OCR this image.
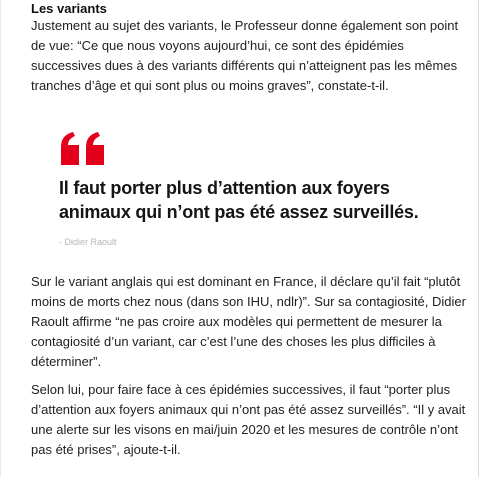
Les variants

Justement au sujet des variants, le Professeur donne également son point
de vue: “Ce que nous voyons aujourd’hui, ce sont des épidémies
successives dues à des variants différents qui n’atteignent pas les mêmes
tranches d’âge et qui sont plus ou moins graves”, constate-t-il.

Il faut porter plus d’attention aux foyers
animaux qui n’ont pas été assez surveillés.

- Didier Raoult

Sur le variant anglais qui est dominant en France, il déclare qu’il fait “plutôt
moins de morts chez nous (dans son IHU, ndlr)”. Sur sa contagiosité, Didier
Raoult affirme “ne pas croire aux modèles qui permettent de mesurer la
contagiosité d’un variant, car c’est l’une des choses les plus difficiles à
déterminer”.

Selon lui, pour faire face à ces épidémies successives, il faut “porter plus
d’attention aux foyers animaux qui n’ont pas été assez surveillés”. “Il y avait
une alerte sur les visons en mai/juin 2020 et les mesures de contrôle n’ont
pas été prises”, ajoute-t-il.
